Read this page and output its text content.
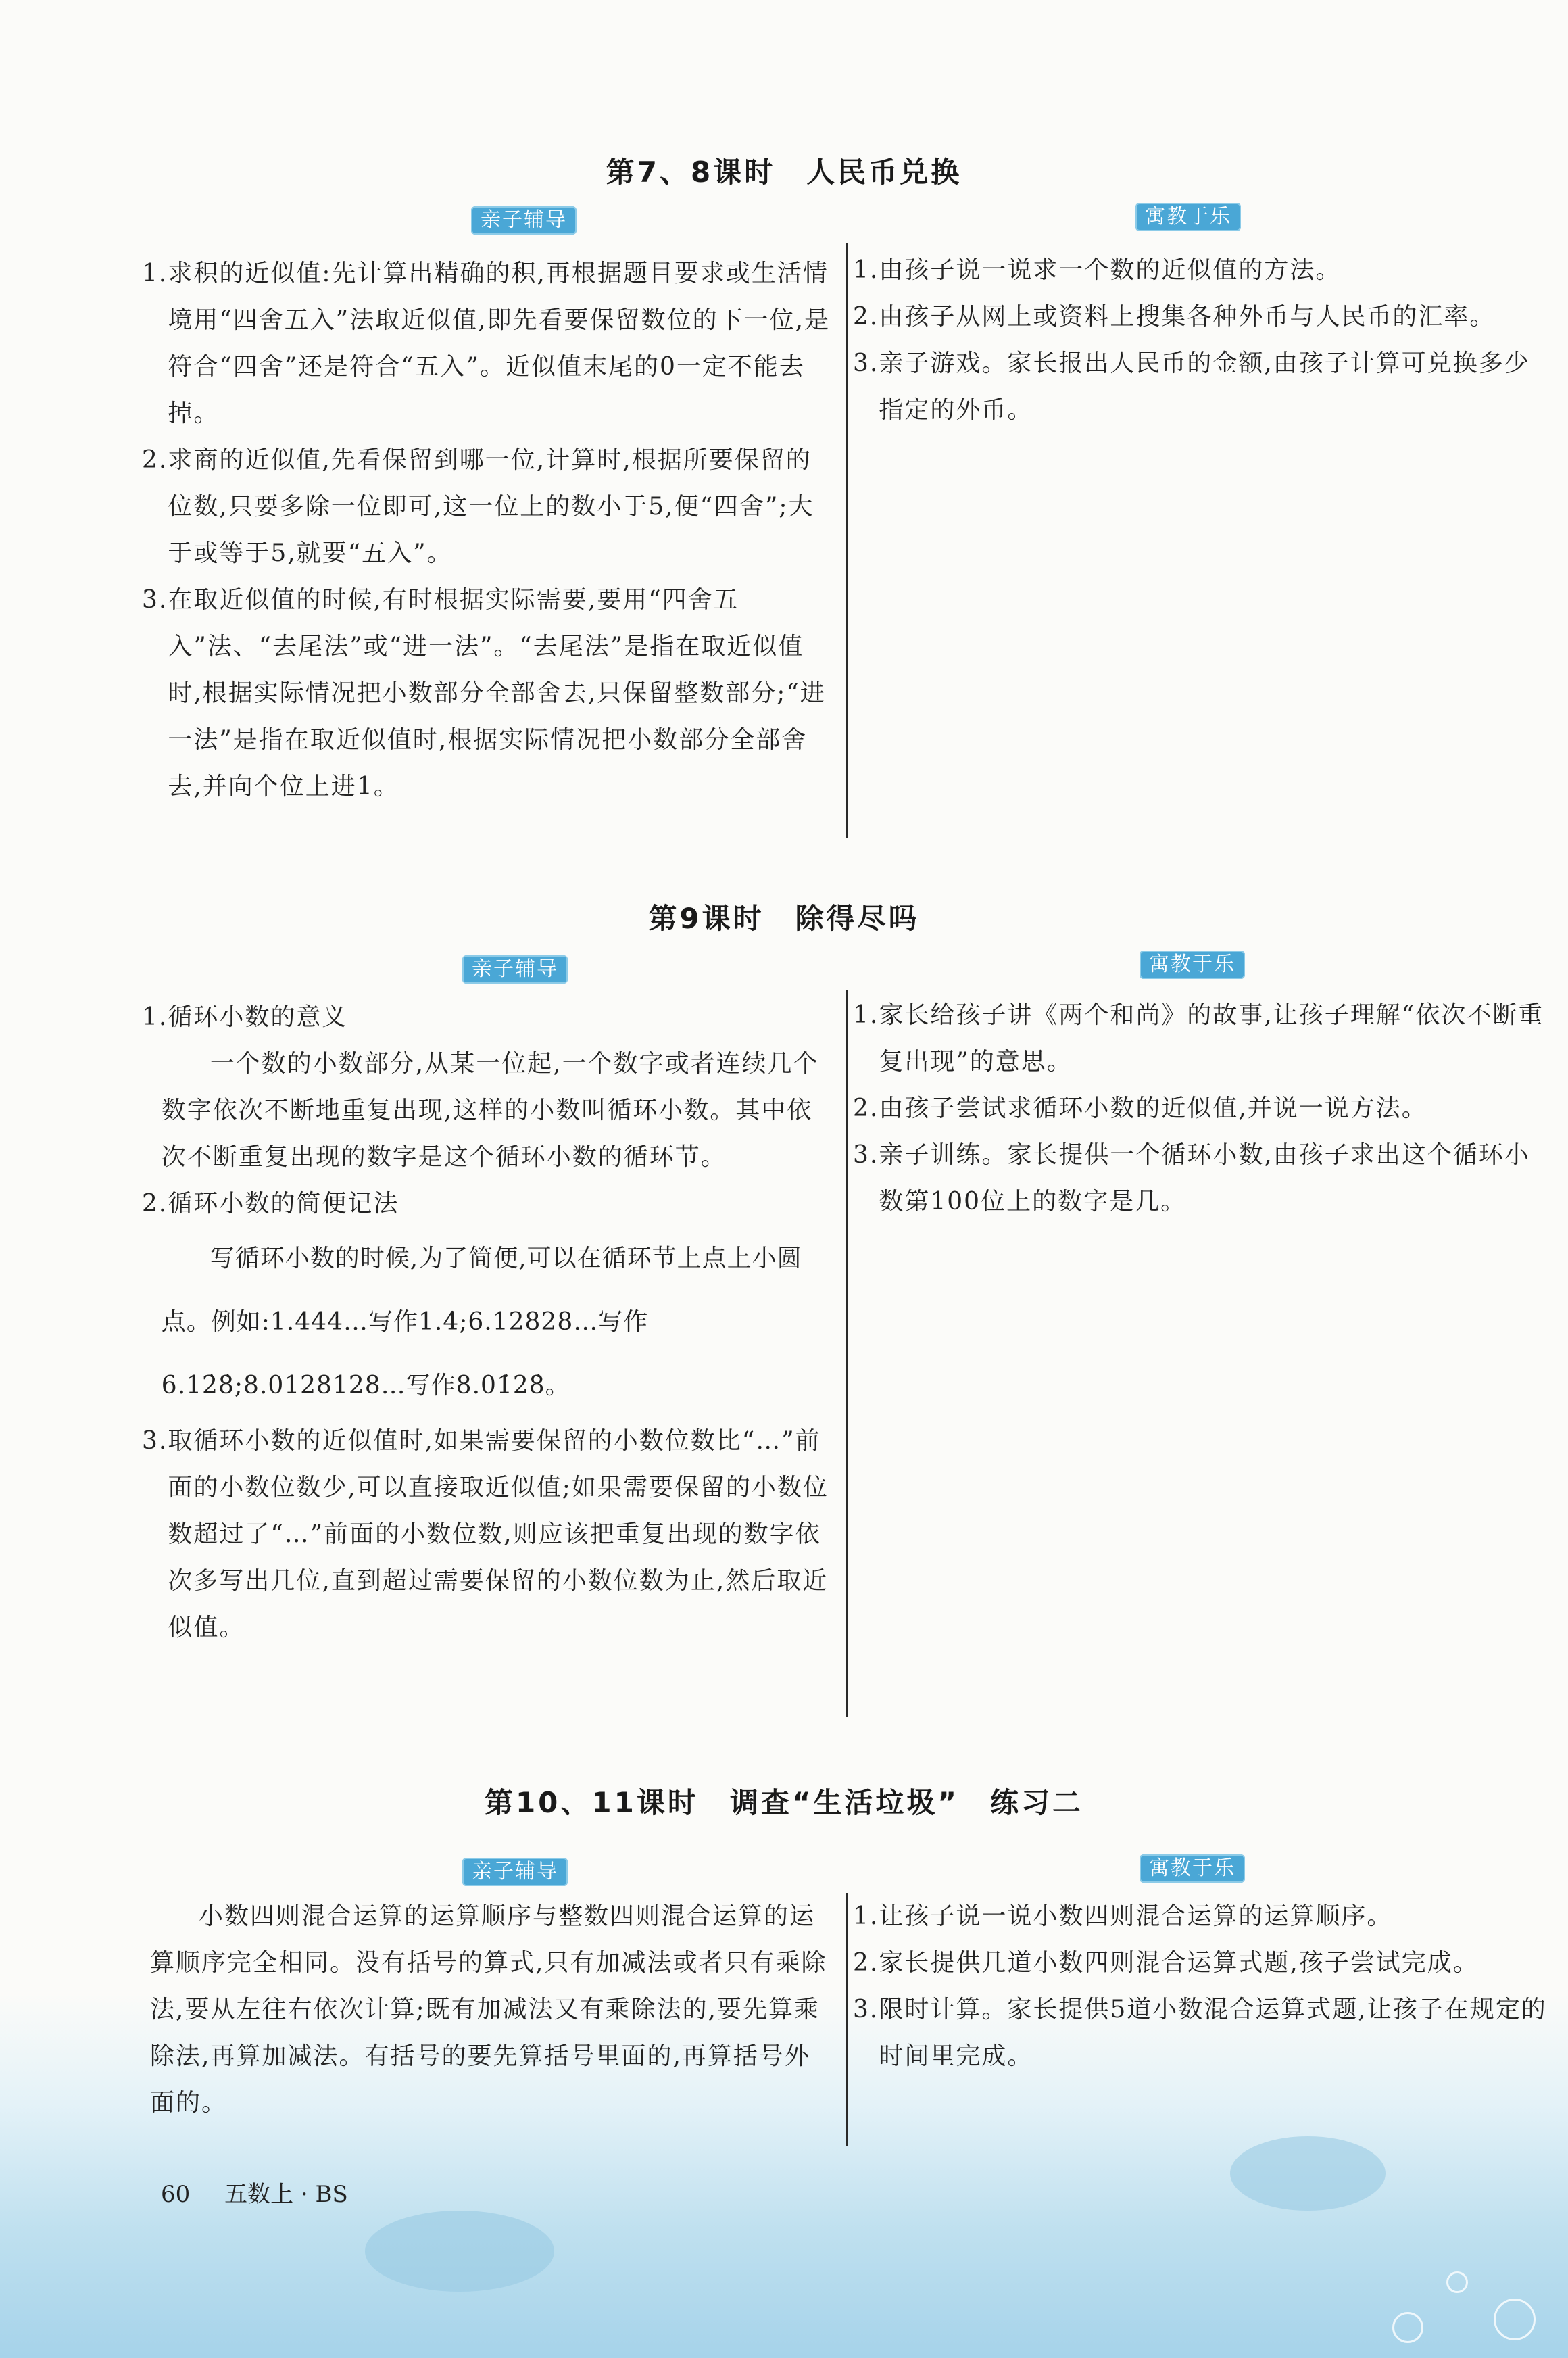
第7、8课时　人民币兑换
亲子辅导	寓教于乐

1. 求积的近似值:先计算出精确的积,再根据题目要求或生活情境用“四舍五入”法取近似值,即先看要保留数位的下一位,是符合“四舍”还是符合“五入”。近似值末尾的0一定不能去掉。

2. 求商的近似值,先看保留到哪一位,计算时,根据所要保留的位数,只要多除一位即可,这一位上的数小于5,便“四舍”;大于或等于5,就要“五入”。

3. 在取近似值的时候,有时根据实际需要,要用“四舍五入”法、“去尾法”或“进一法”。“去尾法”是指在取近似值时,根据实际情况把小数部分全部舍去,只保留整数部分;“进一法”是指在取近似值时,根据实际情况把小数部分全部舍去,并向个位上进1。

1. 由孩子说一说求一个数的近似值的方法。

2. 由孩子从网上或资料上搜集各种外币与人民币的汇率。

3. 亲子游戏。家长报出人民币的金额,由孩子计算可兑换多少指定的外币。

第9课时　除得尽吗
亲子辅导	寓教于乐

1. 循环小数的意义

一个数的小数部分,从某一位起,一个数字或者连续几个数字依次不断地重复出现,这样的小数叫循环小数。其中依次不断重复出现的数字是这个循环小数的循环节。

2. 循环小数的简便记法

写循环小数的时候,为了简便,可以在循环节上点上小圆点。例如:1.444…写作1.4̇;6.12828…写作6.12̇8̇;8.0128128…写作8.01̇28̇。

3. 取循环小数的近似值时,如果需要保留的小数位数比“…”前面的小数位数少,可以直接取近似值;如果需要保留的小数位数超过了“…”前面的小数位数,则应该把重复出现的数字依次多写出几位,直到超过需要保留的小数位数为止,然后取近似值。

1. 家长给孩子讲《两个和尚》的故事,让孩子理解“依次不断重复出现”的意思。

2. 由孩子尝试求循环小数的近似值,并说一说方法。

3. 亲子训练。家长提供一个循环小数,由孩子求出这个循环小数第100位上的数字是几。

第10、11课时　调查“生活垃圾”　练习二
亲子辅导	寓教于乐

小数四则混合运算的运算顺序与整数四则混合运算的运算顺序完全相同。没有括号的算式,只有加减法或者只有乘除法,要从左往右依次计算;既有加减法又有乘除法的,要先算乘除法,再算加减法。有括号的要先算括号里面的,再算括号外面的。

1. 让孩子说一说小数四则混合运算的运算顺序。

2. 家长提供几道小数四则混合运算式题,孩子尝试完成。

3. 限时计算。家长提供5道小数混合运算式题,让孩子在规定的时间里完成。

60 五数上 · BS
